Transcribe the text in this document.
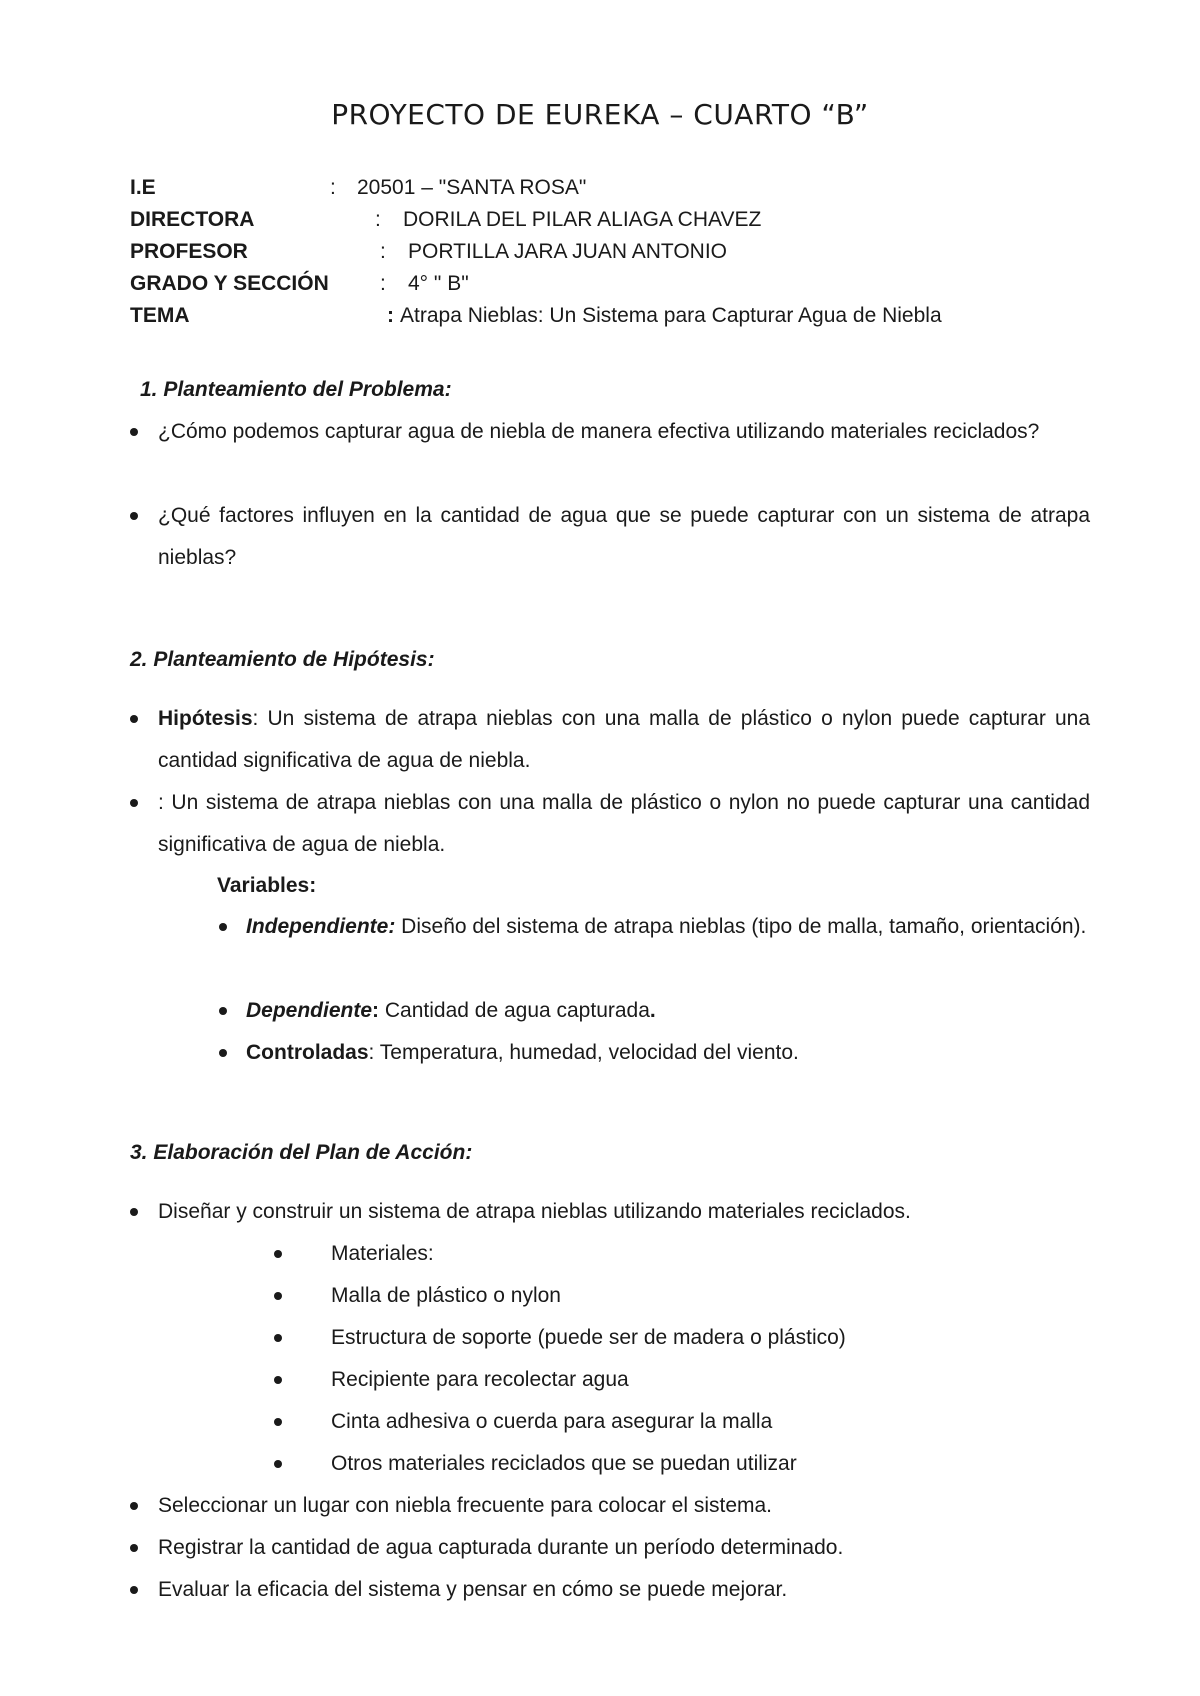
PROYECTO DE EUREKA – CUARTO “B”
I.E	: 20501 – "SANTA ROSA"
DIRECTORA	: DORILA DEL PILAR ALIAGA CHAVEZ
PROFESOR	: PORTILLA JARA JUAN ANTONIO
GRADO Y SECCIÓN : 4° " B"
TEMA	: Atrapa Nieblas: Un Sistema para Capturar Agua de Niebla
1. Planteamiento del Problema:
¿Cómo podemos capturar agua de niebla de manera efectiva utilizando materiales reciclados?
¿Qué factores influyen en la cantidad de agua que se puede capturar con un sistema de atrapa nieblas?
2. Planteamiento de Hipótesis:
Hipótesis: Un sistema de atrapa nieblas con una malla de plástico o nylon puede capturar una cantidad significativa de agua de niebla.
: Un sistema de atrapa nieblas con una malla de plástico o nylon no puede capturar una cantidad significativa de agua de niebla.
Variables:
Independiente: Diseño del sistema de atrapa nieblas (tipo de malla, tamaño, orientación).
Dependiente: Cantidad de agua capturada.
Controladas: Temperatura, humedad, velocidad del viento.
3. Elaboración del Plan de Acción:
Diseñar y construir un sistema de atrapa nieblas utilizando materiales reciclados.
Materiales:
Malla de plástico o nylon
Estructura de soporte (puede ser de madera o plástico)
Recipiente para recolectar agua
Cinta adhesiva o cuerda para asegurar la malla
Otros materiales reciclados que se puedan utilizar
Seleccionar un lugar con niebla frecuente para colocar el sistema.
Registrar la cantidad de agua capturada durante un período determinado.
Evaluar la eficacia del sistema y pensar en cómo se puede mejorar.
